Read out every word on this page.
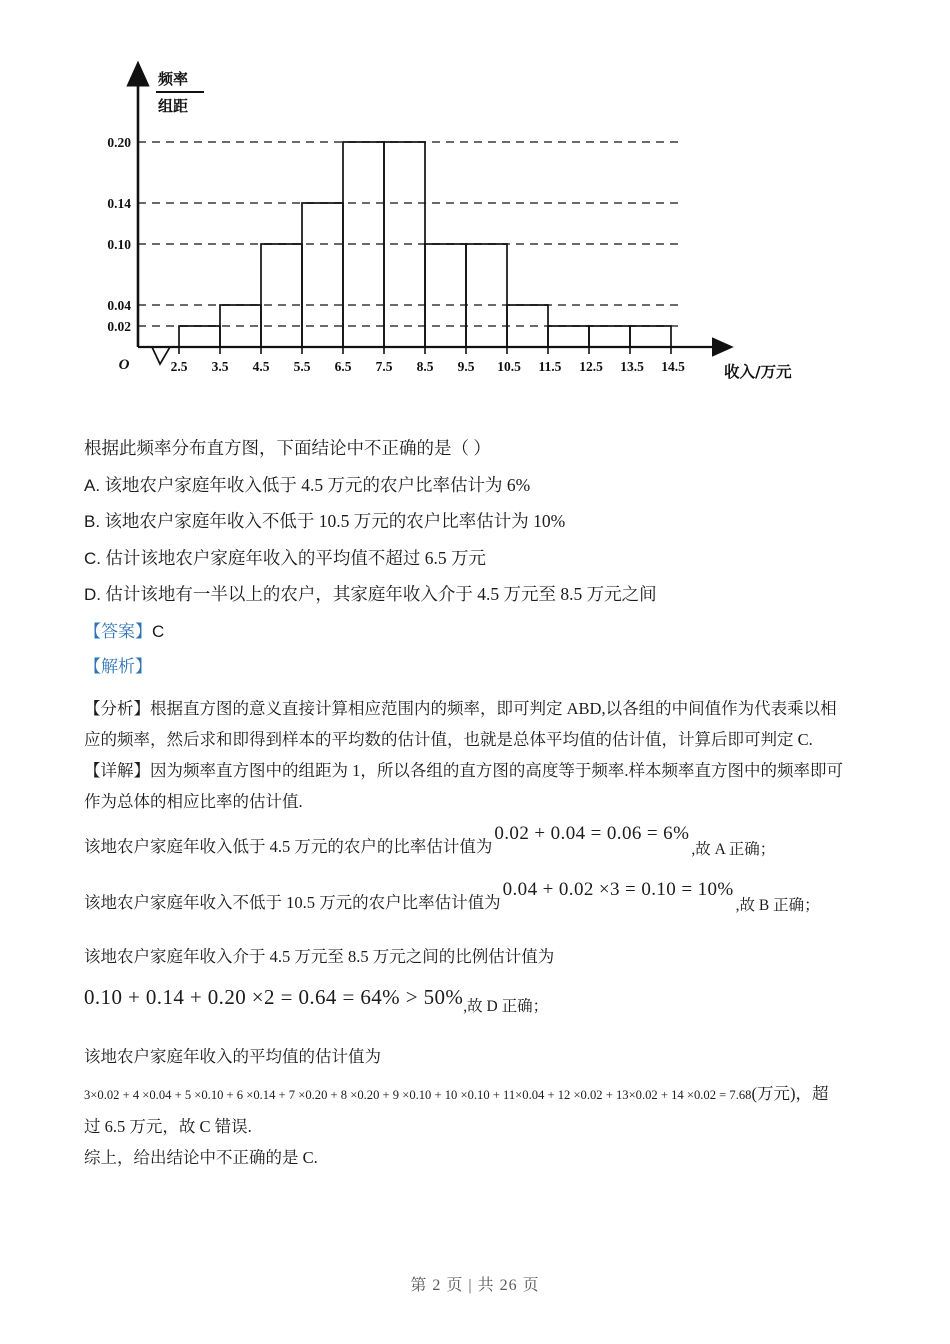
2.5 3.5 4.5 5.5 6.5 7.5 8.5 9.5 10.5 11.5 12.5 13.5 14.5
0.20
0.14
0.10
0.04
0.02
O
频率
组距
收入/万元
根据此频率分布直方图，下面结论中不正确的是（ ）
A. 该地农户家庭年收入低于 4.5 万元的农户比率估计为 6%
B. 该地农户家庭年收入不低于 10.5 万元的农户比率估计为 10%
C. 估计该地农户家庭年收入的平均值不超过 6.5 万元
D. 估计该地有一半以上的农户，其家庭年收入介于 4.5 万元至 8.5 万元之间
【答案】C
【解析】
【分析】根据直方图的意义直接计算相应范围内的频率，即可判定 ABD,以各组的中间值作为代表乘以相
应的频率，然后求和即得到样本的平均数的估计值，也就是总体平均值的估计值，计算后即可判定 C.
【详解】因为频率直方图中的组距为 1，所以各组的直方图的高度等于频率.样本频率直方图中的频率即可
作为总体的相应比率的估计值.
该地农户家庭年收入低于 4.5 万元的农户的比率估计值为
0.02 + 0.04 = 0.06 = 6%
,故 A 正确；
该地农户家庭年收入不低于 10.5 万元的农户比率估计值为
0.04 + 0.02 ×3 = 0.10 = 10%
,故 B 正确；
该地农户家庭年收入介于 4.5 万元至 8.5 万元之间的比例估计值为
0.10 + 0.14 + 0.20 ×2 = 0.64 = 64% > 50% ,故 D 正确；
该地农户家庭年收入的平均值的估计值为
3×0.02 + 4 ×0.04 + 5 ×0.10 + 6 ×0.14 + 7 ×0.20 + 8 ×0.20 + 9 ×0.10 + 10 ×0.10 + 11×0.04 + 12 ×0.02 + 13×0.02 + 14 ×0.02 = 7.68 (万元)，超
过 6.5 万元，故 C 错误.
综上，给出结论中不正确的是 C.
第 2 页 | 共 26 页
